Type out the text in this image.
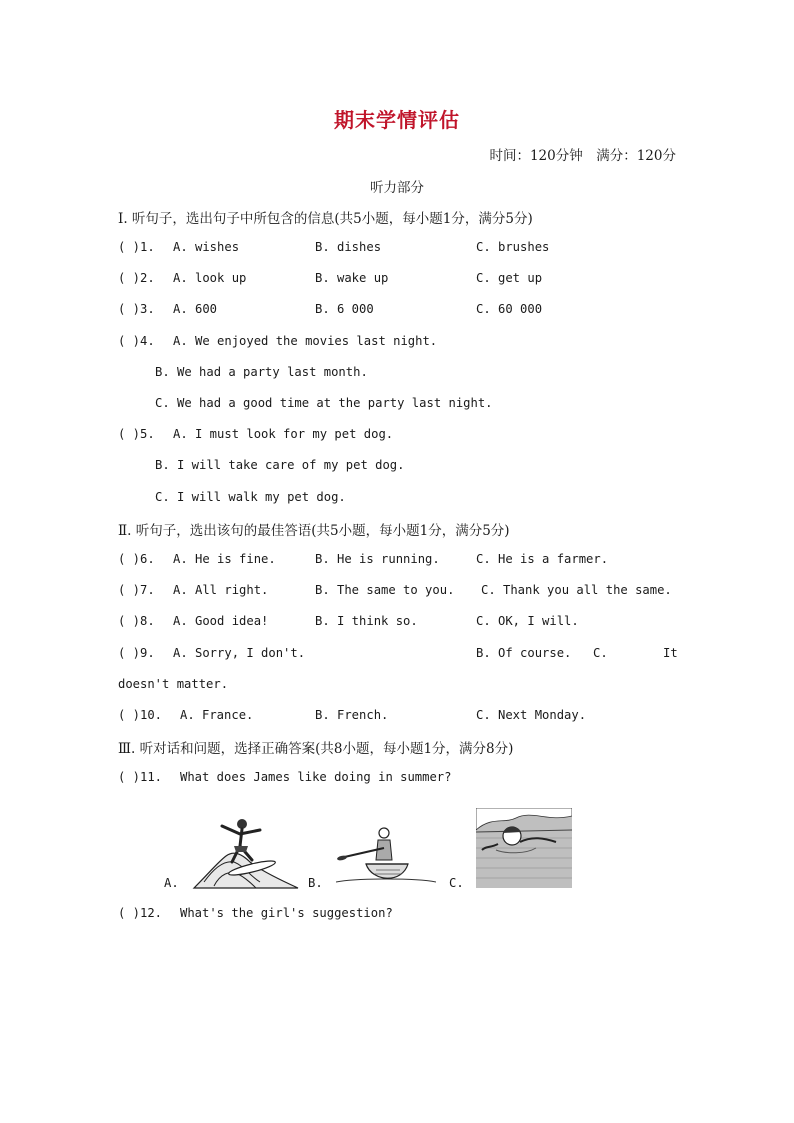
期末学情评估
时间：120分钟　满分：120分
听力部分
Ⅰ. 听句子，选出句子中所包含的信息(共5小题，每小题1分，满分5分)
( )1. A. wishes	B. dishes	C. brushes
( )2. A. look up	B. wake up	C. get up
( )3. A. 600	B. 6 000	C. 60 000
( )4. A. We enjoyed the movies last night.
B. We had a party last month.
C. We had a good time at the party last night.
( )5. A. I must look for my pet dog.
B. I will take care of my pet dog.
C. I will walk my pet dog.
Ⅱ. 听句子，选出该句的最佳答语(共5小题，每小题1分，满分5分)
( )6. A. He is fine.	B. He is running.	C. He is a farmer.
( )7. A. All right.	B. The same to you. C. Thank you all the same.
( )8. A. Good idea!	B. I think so.	C. OK, I will.
( )9. A. Sorry, I don't.	B. Of course. C.	It
doesn't matter.
( )10. A. France.	B. French.	C. Next Monday.
Ⅲ. 听对话和问题，选择正确答案(共8小题，每小题1分，满分8分)
( )11. What does James like doing in summer?
A.	B.	C.
( )12. What's the girl's suggestion?
